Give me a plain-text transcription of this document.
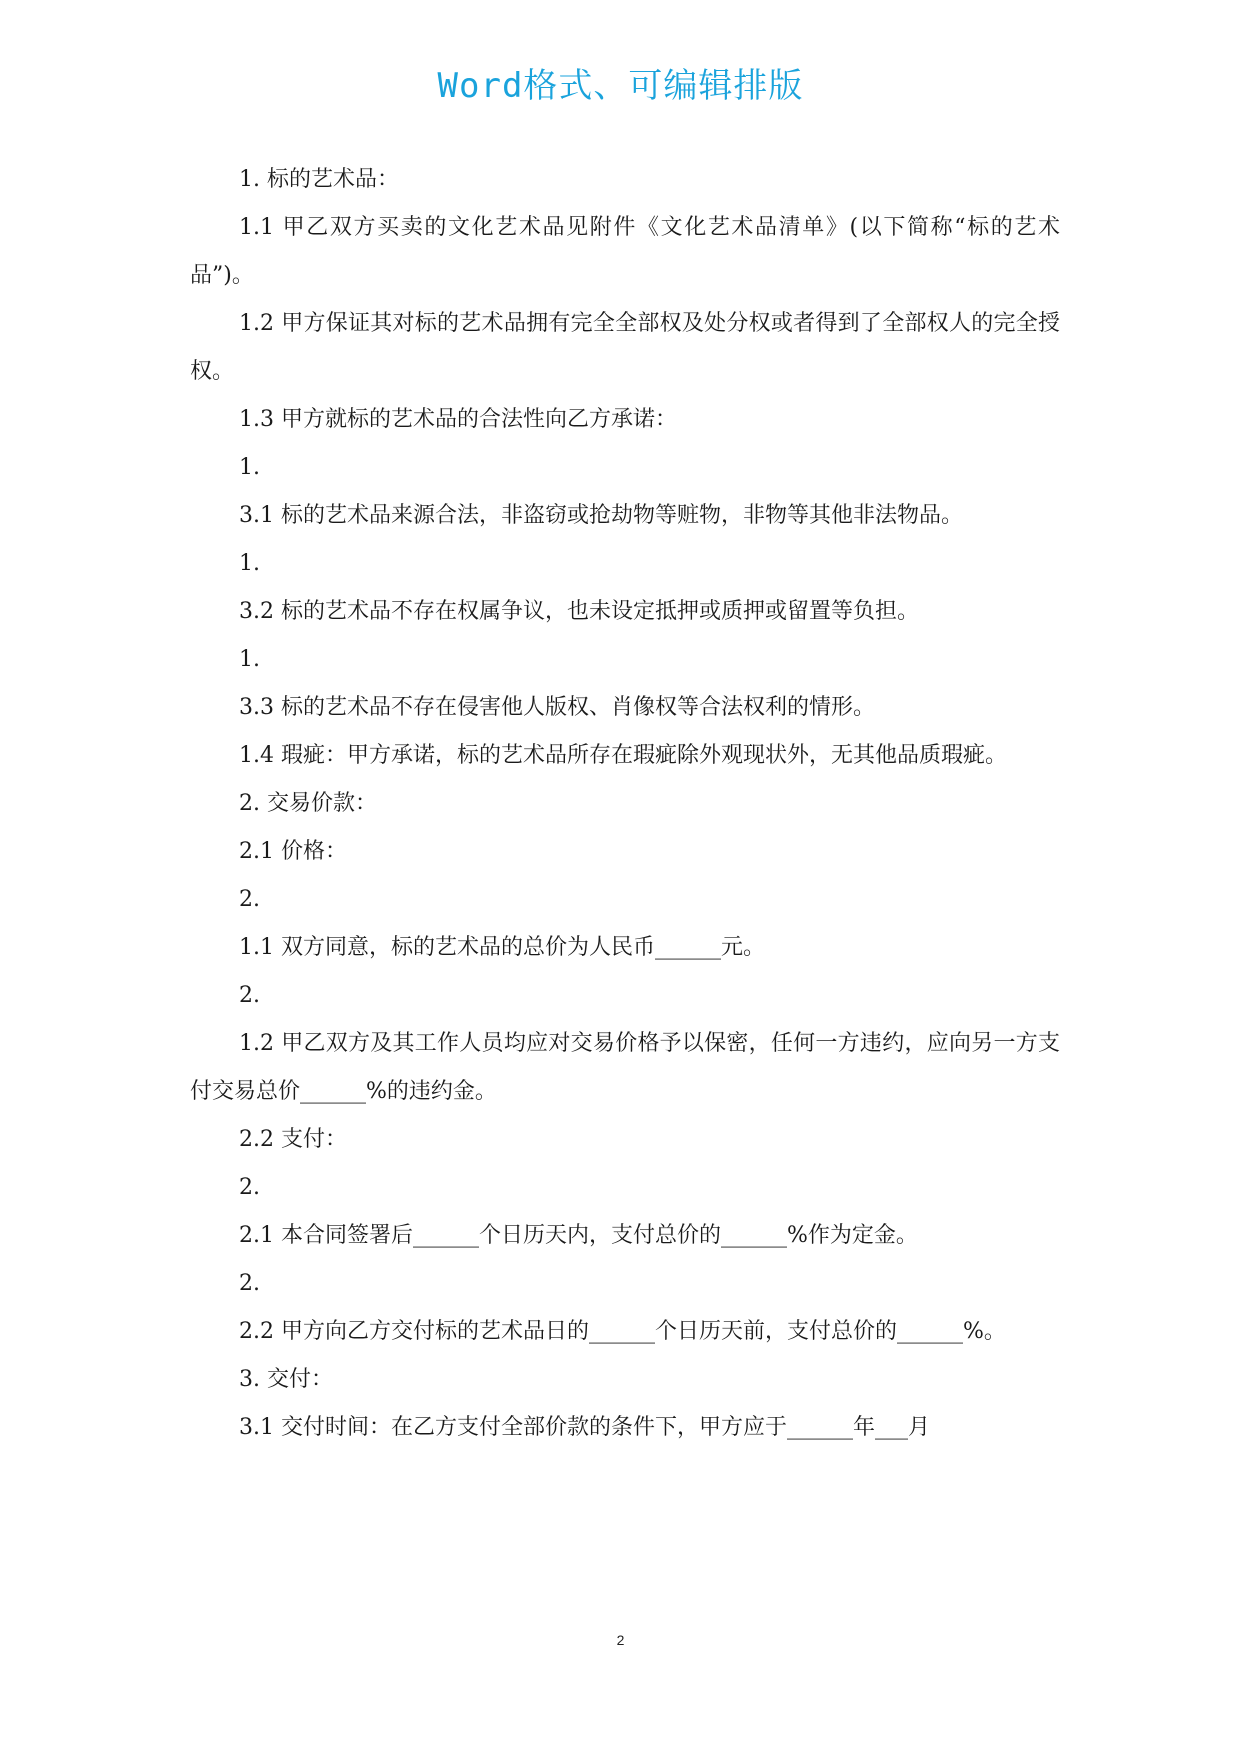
Word格式、可编辑排版

1. 标的艺术品：

1.1 甲乙双方买卖的文化艺术品见附件《文化艺术品清单》(以下简称“标的艺术品”)。

1.2 甲方保证其对标的艺术品拥有完全全部权及处分权或者得到了全部权人的完全授权。

1.3 甲方就标的艺术品的合法性向乙方承诺：

1.

3.1 标的艺术品来源合法，非盗窃或抢劫物等赃物，非物等其他非法物品。

1.

3.2 标的艺术品不存在权属争议，也未设定抵押或质押或留置等负担。

1.

3.3 标的艺术品不存在侵害他人版权、肖像权等合法权利的情形。

1.4 瑕疵：甲方承诺，标的艺术品所存在瑕疵除外观现状外，无其他品质瑕疵。

2. 交易价款：

2.1 价格：

2.

1.1 双方同意，标的艺术品的总价为人民币______元。

2.

1.2 甲乙双方及其工作人员均应对交易价格予以保密，任何一方违约，应向另一方支付交易总价______%的违约金。

2.2 支付：

2.

2.1 本合同签署后______个日历天内，支付总价的______%作为定金。

2.

2.2 甲方向乙方交付标的艺术品日的______个日历天前，支付总价的______%。

3. 交付：

3.1 交付时间：在乙方支付全部价款的条件下，甲方应于______年___月

2
